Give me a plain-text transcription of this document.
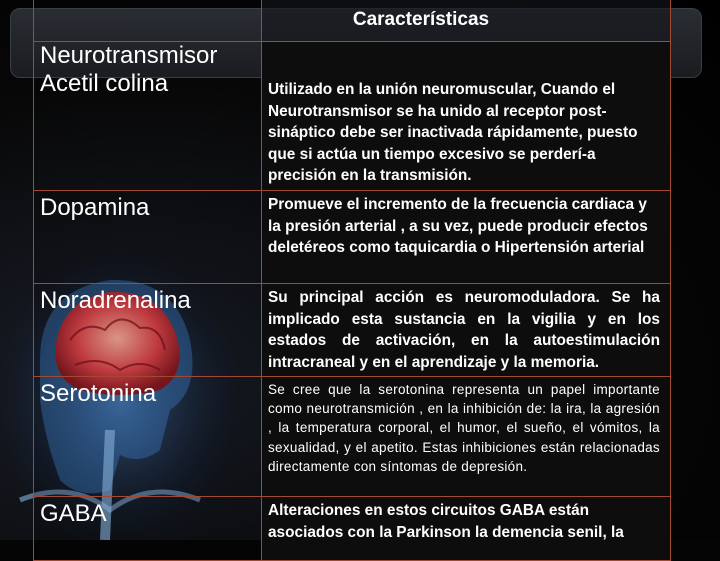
	Características

Neurotransmisor
Acetil colina	Utilizado en la unión neuromuscular, Cuando el Neurotransmisor se ha unido al receptor post-sináptico debe ser inactivada rápidamente, puesto que si actúa un tiempo excesivo se perderí-a precisión en la transmisión.
Dopamina	Promueve el incremento de la frecuencia cardiaca y la presión arterial , a su vez, puede producir efectos deletéreos como taquicardia o Hipertensión arterial
Noradrenalina	Su principal acción es neuromoduladora. Se ha implicado esta sustancia en la vigilia y en los estados de activación, en la autoestimulación intracraneal y en el aprendizaje y la memoria.
Serotonina	Se cree que la serotonina representa un papel importante como neurotransmición , en la inhibición de: la ira, la agresión , la temperatura corporal, el humor, el sueño, el vómitos, la sexualidad, y el apetito. Estas inhibiciones están relacionadas directamente con síntomas de depresión.
GABA	Alteraciones en estos circuitos GABA están asociados con la Parkinson la demencia senil, la
